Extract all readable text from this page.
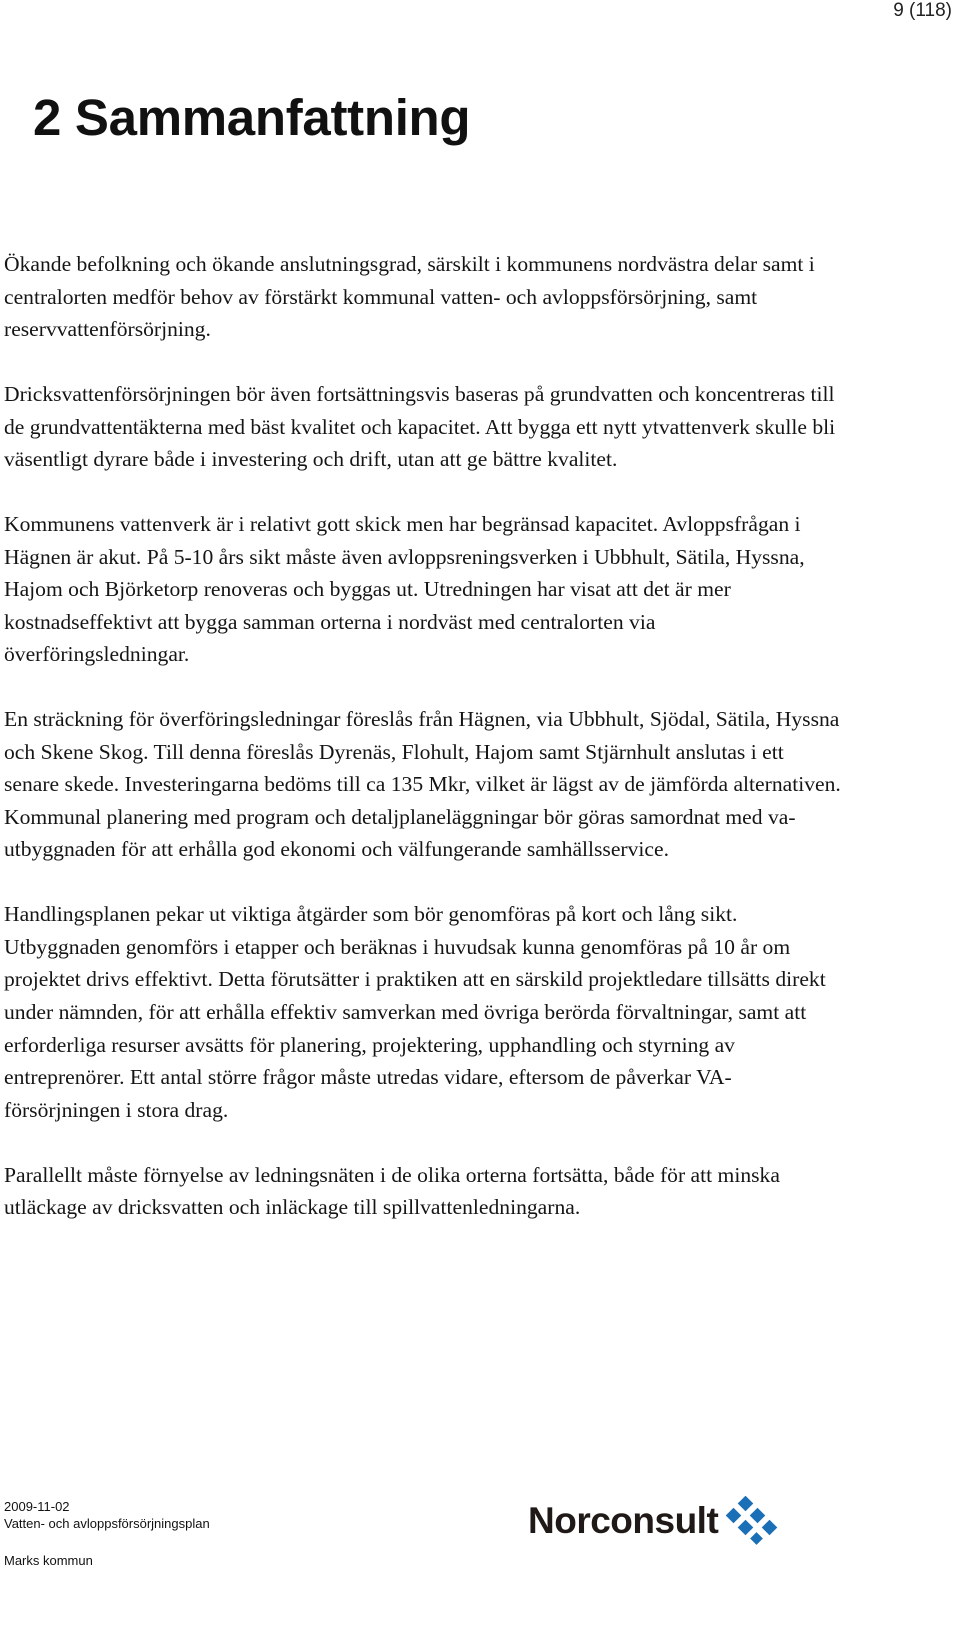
9 (118)
2 Sammanfattning

Ökande befolkning och ökande anslutningsgrad, särskilt i kommunens nordvästra delar samt i centralorten medför behov av förstärkt kommunal vatten- och avloppsförsörjning, samt reservvattenförsörjning.

Dricksvattenförsörjningen bör även fortsättningsvis baseras på grundvatten och koncentreras till de grundvattentäkterna med bäst kvalitet och kapacitet. Att bygga ett nytt ytvattenverk skulle bli väsentligt dyrare både i investering och drift, utan att ge bättre kvalitet.

Kommunens vattenverk är i relativt gott skick men har begränsad kapacitet. Avloppsfrågan i Hägnen är akut. På 5-10 års sikt måste även avloppsreningsverken i Ubbhult, Sätila, Hyssna, Hajom och Björketorp renoveras och byggas ut. Utredningen har visat att det är mer kostnadseffektivt att bygga samman orterna i nordväst med centralorten via överföringsledningar.

En sträckning för överföringsledningar föreslås från Hägnen, via Ubbhult, Sjödal, Sätila, Hyssna och Skene Skog. Till denna föreslås Dyrenäs, Flohult, Hajom samt Stjärnhult anslutas i ett senare skede. Investeringarna bedöms till ca 135 Mkr, vilket är lägst av de jämförda alternativen. Kommunal planering med program och detaljplaneläggningar bör göras samordnat med va-utbyggnaden för att erhålla god ekonomi och välfungerande samhällsservice.

Handlingsplanen pekar ut viktiga åtgärder som bör genomföras på kort och lång sikt. Utbyggnaden genomförs i etapper och beräknas i huvudsak kunna genomföras på 10 år om projektet drivs effektivt. Detta förutsätter i praktiken att en särskild projektledare tillsätts direkt under nämnden, för att erhålla effektiv samverkan med övriga berörda förvaltningar, samt att erforderliga resurser avsätts för planering, projektering, upphandling och styrning av entreprenörer. Ett antal större frågor måste utredas vidare, eftersom de påverkar VA-försörjningen i stora drag.

Parallellt måste förnyelse av ledningsnäten i de olika orterna fortsätta, både för att minska utläckage av dricksvatten och inläckage till spillvattenledningarna.

2009-11-02
Vatten- och avloppsförsörjningsplan
Marks kommun
Norconsult
